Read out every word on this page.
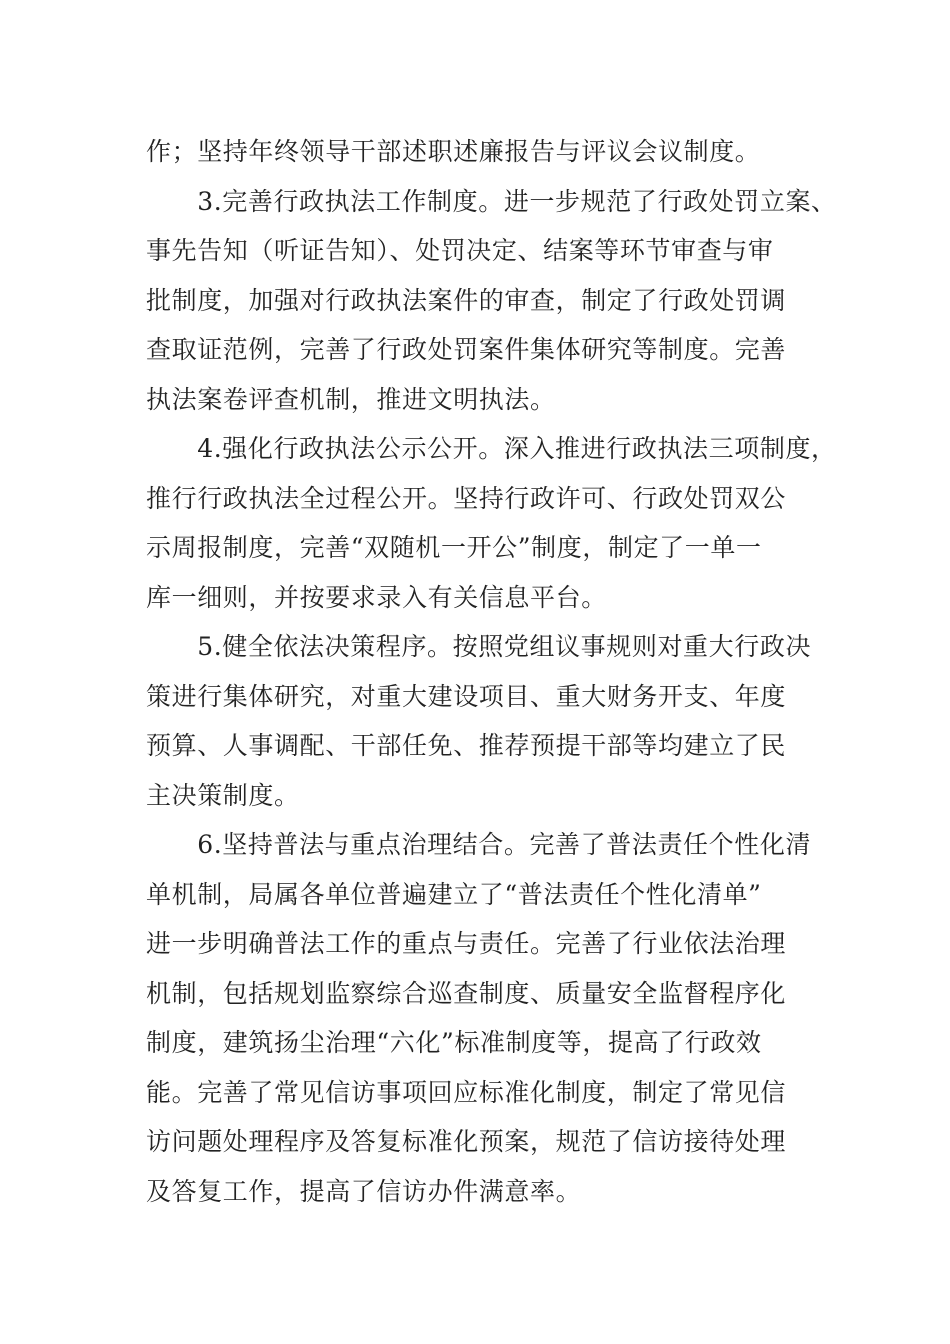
作；坚持年终领导干部述职述廉报告与评议会议制度。
　　3.完善行政执法工作制度。进一步规范了行政处罚立案、
事先告知（听证告知）、处罚决定、结案等环节审查与审
批制度，加强对行政执法案件的审查，制定了行政处罚调
查取证范例，完善了行政处罚案件集体研究等制度。完善
执法案卷评查机制，推进文明执法。
　　4.强化行政执法公示公开。深入推进行政执法三项制度，
推行行政执法全过程公开。坚持行政许可、行政处罚双公
示周报制度，完善“双随机一开公”制度，制定了一单一
库一细则，并按要求录入有关信息平台。
　　5.健全依法决策程序。按照党组议事规则对重大行政决
策进行集体研究，对重大建设项目、重大财务开支、年度
预算、人事调配、干部任免、推荐预提干部等均建立了民
主决策制度。
　　6.坚持普法与重点治理结合。完善了普法责任个性化清
单机制，局属各单位普遍建立了“普法责任个性化清单”
进一步明确普法工作的重点与责任。完善了行业依法治理
机制，包括规划监察综合巡查制度、质量安全监督程序化
制度，建筑扬尘治理“六化”标准制度等，提高了行政效
能。完善了常见信访事项回应标准化制度，制定了常见信
访问题处理程序及答复标准化预案，规范了信访接待处理
及答复工作，提高了信访办件满意率。
